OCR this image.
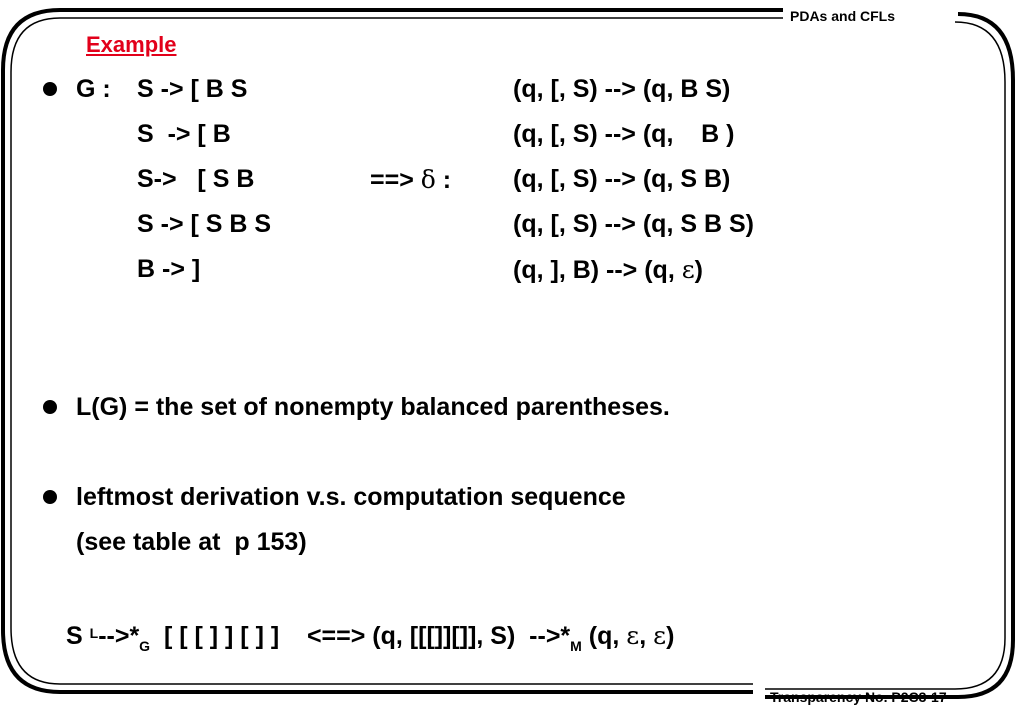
PDAs and CFLs
Transparency No. P2C3-17
Example
G : S -> [ B S	(q, [, S) --> (q, B S)
S  -> [ B	(q, [, S) --> (q,    B )
S->   [ S B	==> δ : (q, [, S) --> (q, S B)
S -> [ S B S	(q, [, S) --> (q, S B S)
B -> ]	(q, ], B) --> (q, ε)
L(G) = the set of nonempty balanced parentheses.
leftmost derivation v.s. computation sequence
(see table at  p 153)
S $^L-->*_G$  [ [ [ ] ] [ ] ]    <==> (q, [[[]][]], S)  $-->*_M$ (q, ε, ε)
